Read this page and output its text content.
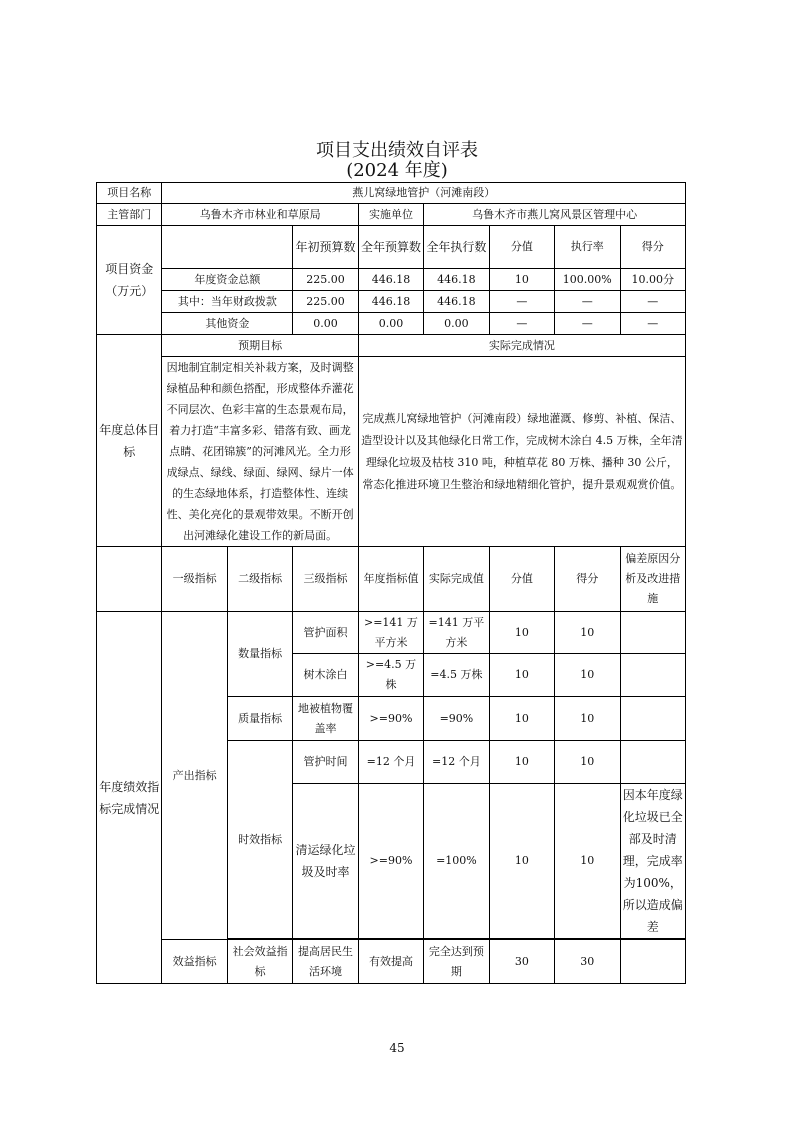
项目支出绩效自评表
(2024 年度)
项目名称	燕儿窝绿地管护（河滩南段）							
主管部门	乌鲁木齐市林业和草原局			实施单位	乌鲁木齐市燕儿窝风景区管理中心			
项目资金（万元）			年初预算数	全年预算数	全年执行数	分值	执行率	得分
	年度资金总额		225.00	446.18	446.18	10	100.00%	10.00分
	其中：当年财政拨款		225.00	446.18	446.18	—	—	—
	其他资金		0.00	0.00	0.00	—	—	—
年度总体目标	预期目标			实际完成情况				
	因地制宜制定相关补栽方案，及时调整绿植品种和颜色搭配，形成整体乔灌花不同层次、色彩丰富的生态景观布局，着力打造“丰富多彩、错落有致、画龙点睛、花团锦簇”的河滩风光。全力形成绿点、绿线、绿面、绿网、绿片一体的生态绿地体系，打造整体性、连续性、美化亮化的景观带效果。不断开创出河滩绿化建设工作的新局面。			完成燕儿窝绿地管护（河滩南段）绿地灌溉、修剪、补植、保洁、造型设计以及其他绿化日常工作，完成树木涂白 4.5 万株，全年清理绿化垃圾及枯枝 310 吨，种植草花 80 万株、播种 30 公斤，常态化推进环境卫生整治和绿地精细化管护，提升景观观赏价值。				
	一级指标	二级指标	三级指标	年度指标值	实际完成值	分值	得分	偏差原因分析及改进措施
年度绩效指标完成情况	产出指标	数量指标	管护面积	>=141 万平方米	=141 万平方米	10	10	
			树木涂白	>=4.5 万株	=4.5 万株	10	10	
		质量指标	地被植物覆盖率	>=90%	=90%	10	10	
		时效指标	管护时间	=12 个月	=12 个月	10	10	
			清运绿化垃圾及时率	>=90%	=100%	10	10	因本年度绿化垃圾已全部及时清理，完成率为100%，所以造成偏差

	效益指标	社会效益指标	提高居民生活环境	有效提高	完全达到预期	30	30	
45
